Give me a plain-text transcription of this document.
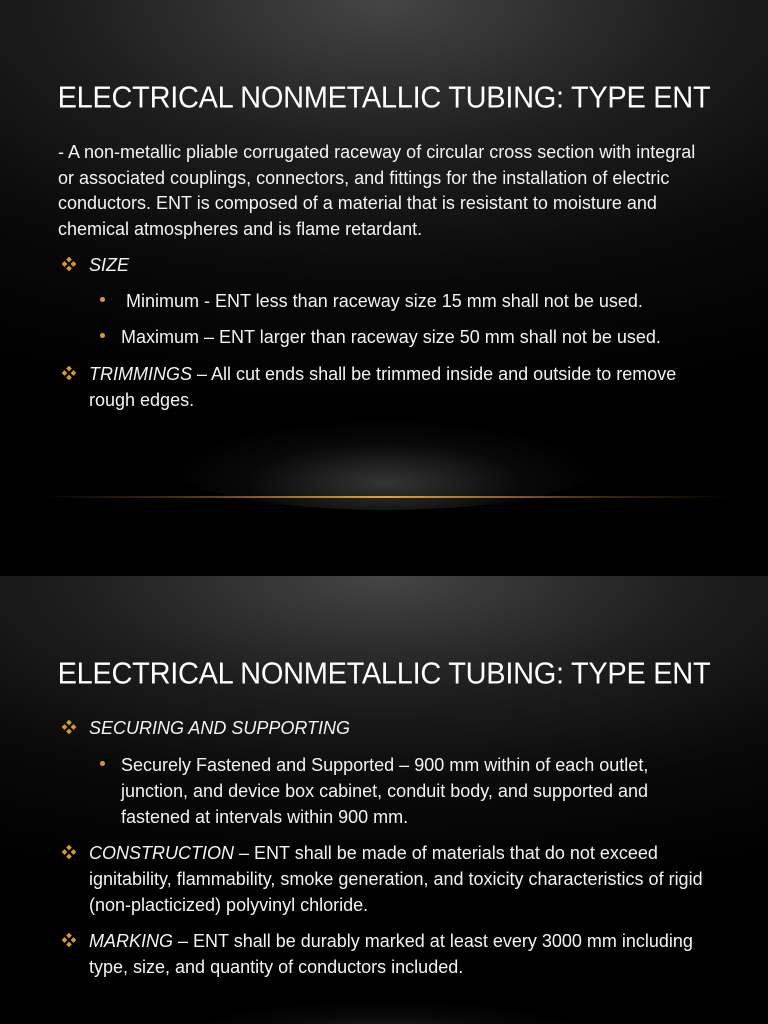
ELECTRICAL NONMETALLIC TUBING: TYPE ENT
- A non-metallic pliable corrugated raceway of circular cross section with integral or associated couplings, connectors, and fittings for the installation of electric conductors. ENT is composed of a material that is resistant to moisture and chemical atmospheres and is flame retardant.
SIZE
Minimum - ENT less than raceway size 15 mm shall not be used.
Maximum – ENT larger than raceway size 50 mm shall not be used.
TRIMMINGS – All cut ends shall be trimmed inside and outside to remove rough edges.
ELECTRICAL NONMETALLIC TUBING: TYPE ENT
SECURING AND SUPPORTING
Securely Fastened and Supported – 900 mm within of each outlet, junction, and device box cabinet, conduit body, and supported and fastened at intervals within 900 mm.
CONSTRUCTION – ENT shall be made of materials that do not exceed ignitability, flammability, smoke generation, and toxicity characteristics of rigid (non-placticized) polyvinyl chloride.
MARKING – ENT shall be durably marked at least every 3000 mm including type, size, and quantity of conductors included.
